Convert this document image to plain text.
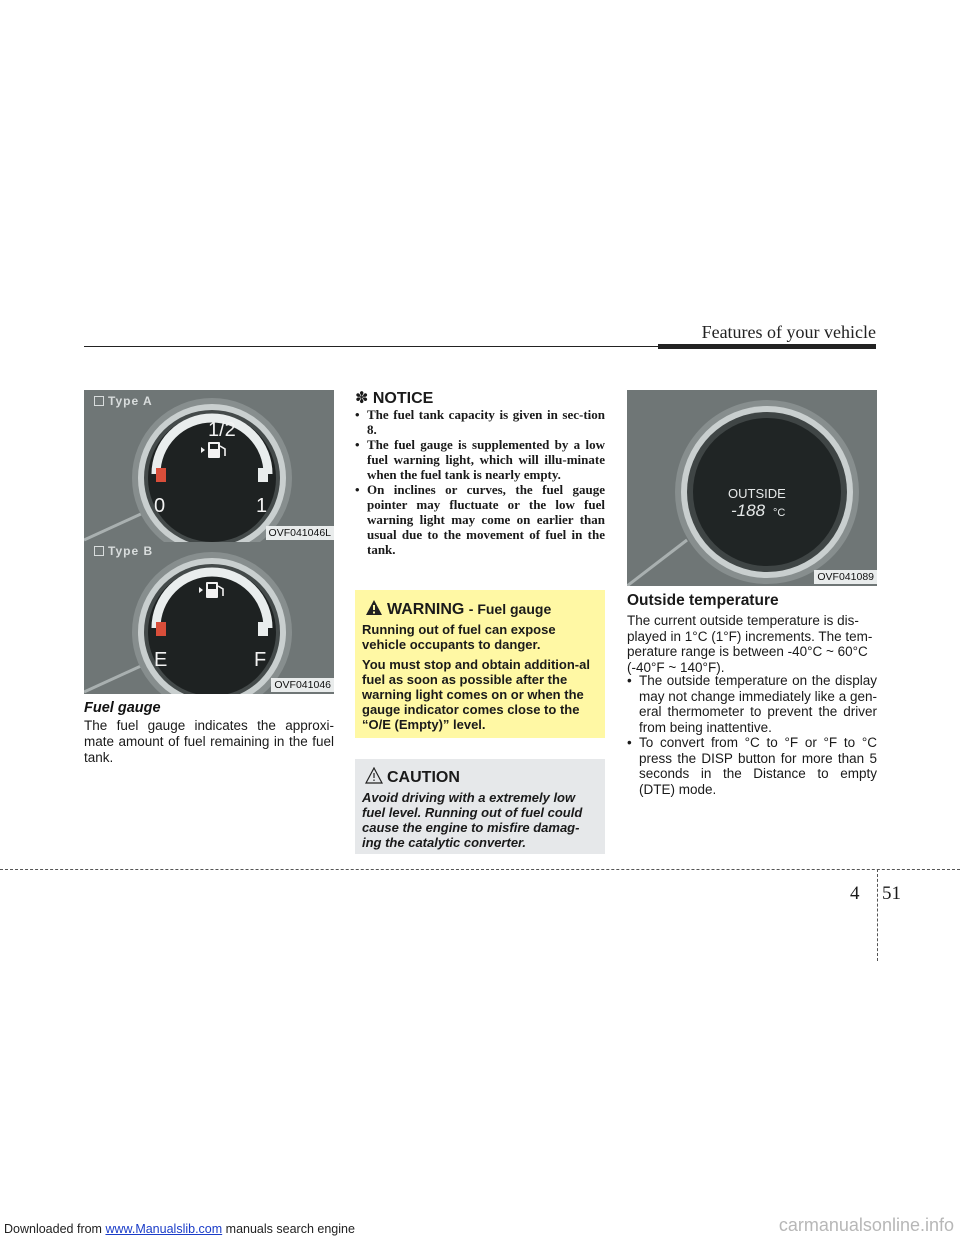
Features of your vehicle
1/2
0	1
Type A
OVF041046L
E	F
Type B
OVF041046
Fuel gauge
The fuel gauge indicates the approxi-mate amount of fuel remaining in the fuel tank.
✽ NOTICE
• The fuel tank capacity is given in sec-tion 8.
• The fuel gauge is supplemented by a low fuel warning light, which will illu-minate when the fuel tank is nearly empty.
• On inclines or curves, the fuel gauge pointer may fluctuate or the low fuel warning light may come on earlier than usual due to the movement of fuel in the tank.
WARNING - Fuel gauge

Running out of fuel can expose vehicle occupants to danger.

You must stop and obtain addition-al fuel as soon as possible after the warning light comes on or when the gauge indicator comes close to the “O/E (Empty)” level.

CAUTION
Avoid driving with a extremely low fuel level. Running out of fuel could cause the engine to misfire damag-ing the catalytic converter.
OUTSIDE
-188 °C
OVF041089
Outside temperature
The current outside temperature is dis-played in 1°C (1°F) increments. The tem-perature range is between -40°C ~ 60°C (-40°F ~ 140°F).
• The outside temperature on the display may not change immediately like a gen-eral thermometer to prevent the driver from being inattentive.
• To convert from °C to °F or °F to °C press the DISP button for more than 5 seconds in the Distance to empty (DTE) mode.
4 51
Downloaded from www.Manualslib.com manuals search engine	carmanualsonline.info
